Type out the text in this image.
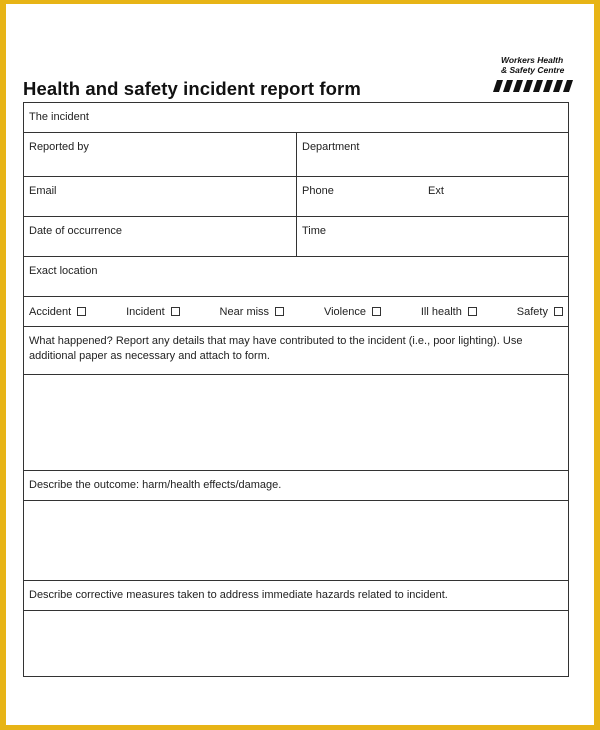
Health and safety incident report form
Workers Health
& Safety Centre
The incident
Reported by	Department
Email	Phone	Ext
Date of occurrence	Time
Exact location
Accident	Incident	Near miss	Violence	Ill health	Safety
What happened? Report any details that may have contributed to the incident (i.e., poor lighting). Use additional paper as necessary and attach to form.
Describe the outcome: harm/health effects/damage.
Describe corrective measures taken to address immediate hazards related to incident.
